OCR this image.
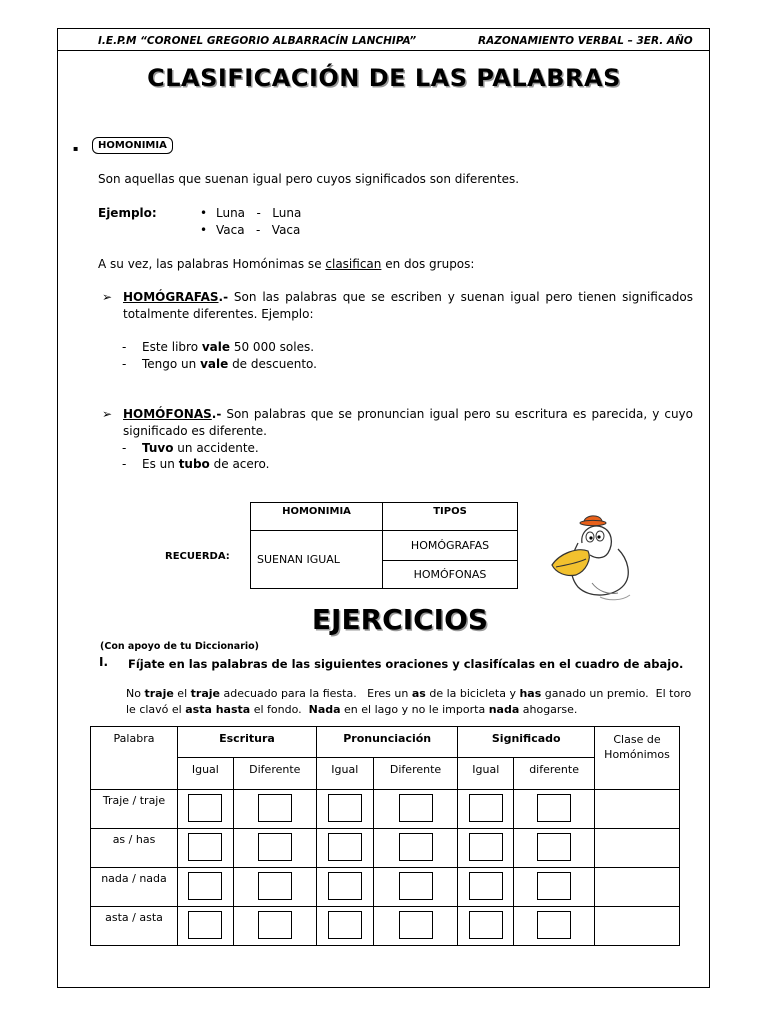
I.E.P.M “CORONEL GREGORIO ALBARRACÍN LANCHIPA”	RAZONAMIENTO VERBAL – 3ER. AÑO
CLASIFICACIÓN DE LAS PALABRAS
▪	HOMONIMIA
Son aquellas que suenan igual pero cuyos significados son diferentes.
Ejemplo:	• Luna   -   Luna
• Vaca   -   Vaca
A su vez, las palabras Homónimas se clasifican en dos grupos:
➢ HOMÓGRAFAS.- Son las palabras que se escriben y suenan igual pero tienen significados totalmente diferentes. Ejemplo:
- Este libro vale 50 000 soles.
- Tengo un vale de descuento.
➢ HOMÓFONAS.- Son palabras que se pronuncian igual pero su escritura es parecida, y cuyo significado es diferente.
- Tuvo un accidente.
- Es un tubo de acero.
RECUERDA:
HOMONIMIA	TIPOS
SUENAN IGUAL	HOMÓGRAFAS
	HOMÓFONAS
EJERCICIOS
(Con apoyo de tu Diccionario)
I. Fíjate en las palabras de las siguientes oraciones y clasifícalas en el cuadro de abajo.
No traje el traje adecuado para la fiesta.   Eres un as de la bicicleta y has ganado un premio.  El toro le clavó el asta hasta el fondo.  Nada en el lago y no le importa nada ahogarse.
Palabra	Escritura		Pronunciación		Significado		Clase de Homónimos
	Igual	Diferente	Igual	Diferente	Igual	diferente	
Traje / traje							
as / has							
nada / nada							
asta / asta							
